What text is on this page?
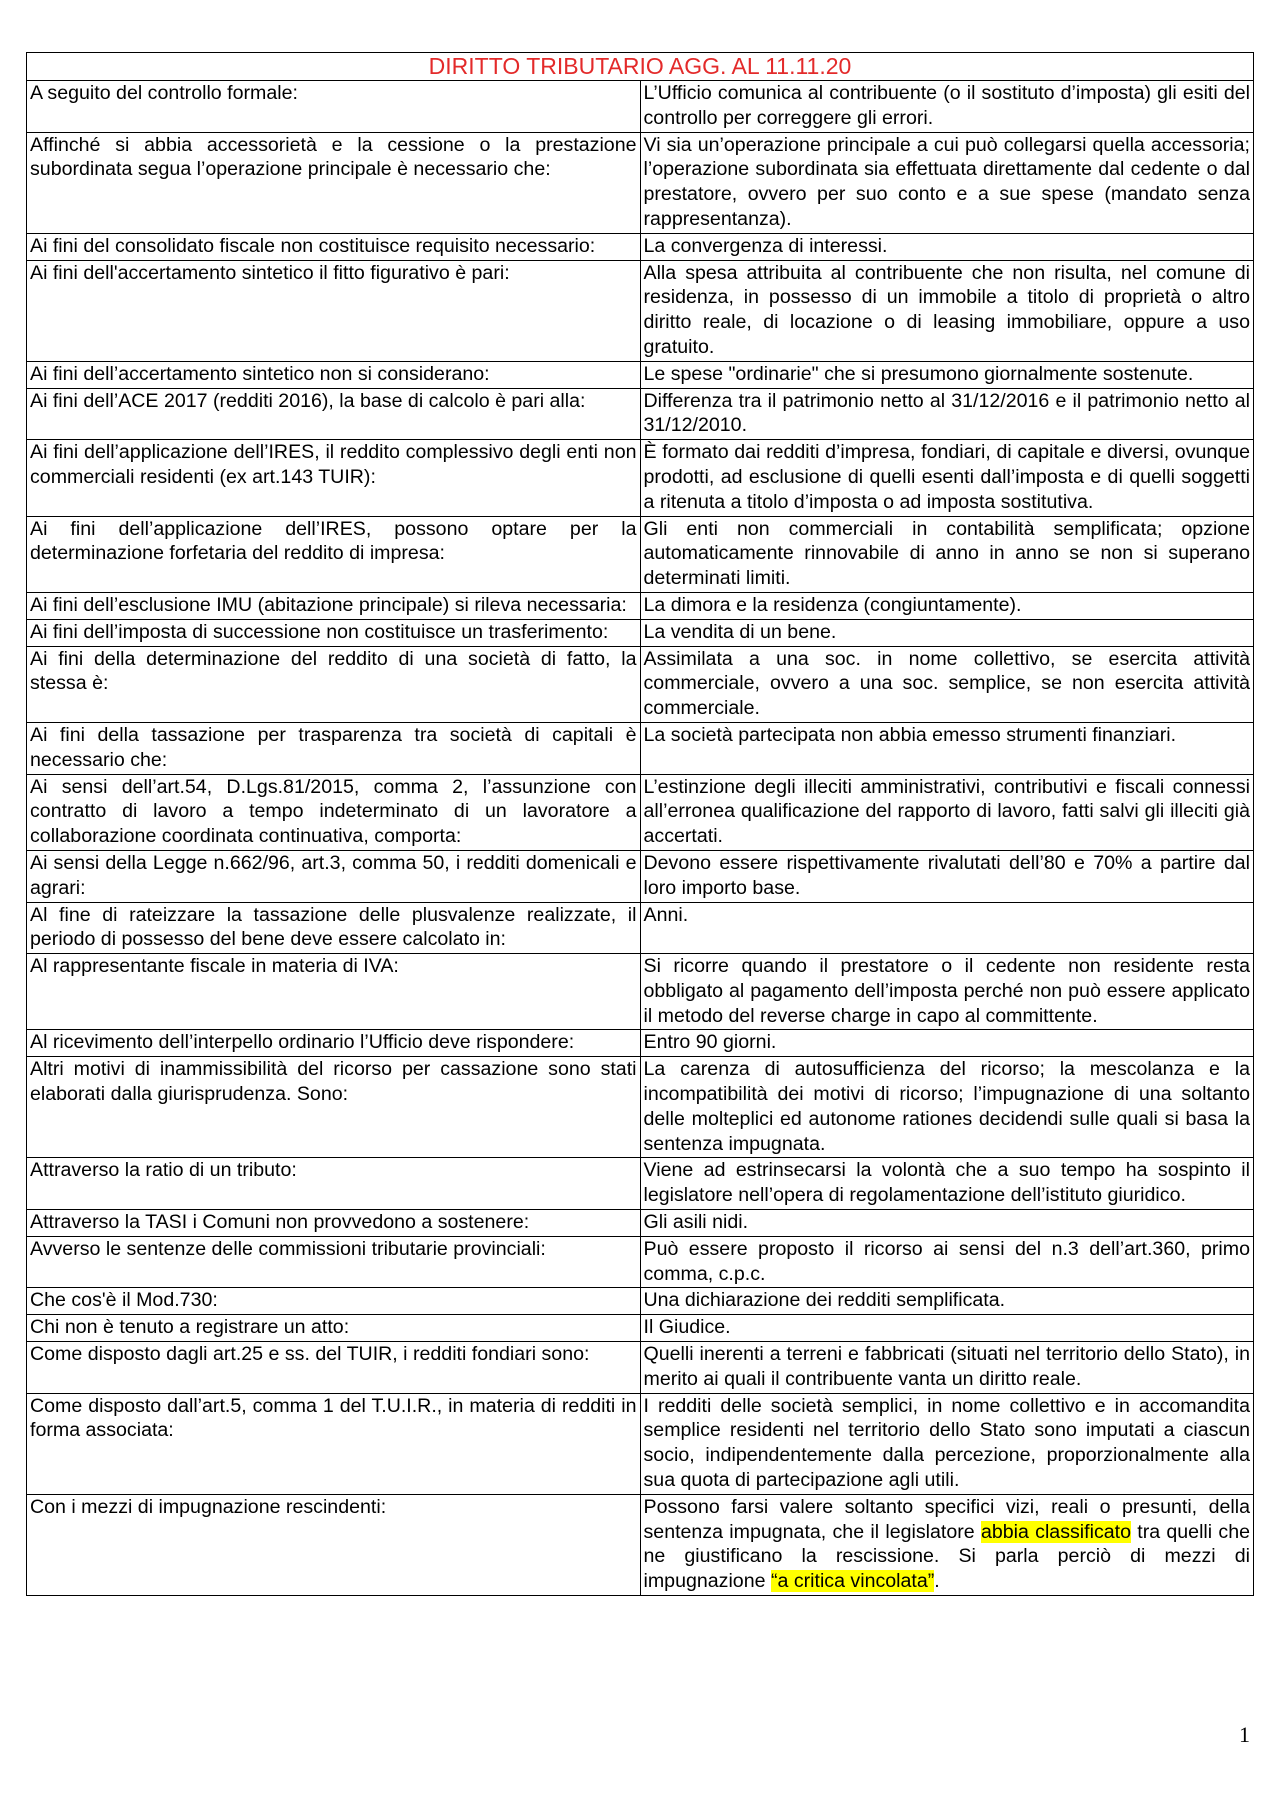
DIRITTO TRIBUTARIO AGG. AL 11.11.20	
A seguito del controllo formale:	L’Ufficio comunica al contribuente (o il sostituto d’imposta) gli esiti del controllo per correggere gli errori.
Affinché si abbia accessorietà e la cessione o la prestazione subordinata segua l’operazione principale è necessario che:	Vi sia un’operazione principale a cui può collegarsi quella accessoria; l’operazione subordinata sia effettuata direttamente dal cedente o dal prestatore, ovvero per suo conto e a sue spese (mandato senza rappresentanza).
Ai fini del consolidato fiscale non costituisce requisito necessario:	La convergenza di interessi.
Ai fini dell'accertamento sintetico il fitto figurativo è pari:	Alla spesa attribuita al contribuente che non risulta, nel comune di residenza, in possesso di un immobile a titolo di proprietà o altro diritto reale, di locazione o di leasing immobiliare, oppure a uso gratuito.
Ai fini dell’accertamento sintetico non si considerano:	Le spese "ordinarie" che si presumono giornalmente sostenute.
Ai fini dell’ACE 2017 (redditi 2016), la base di calcolo è pari alla:	Differenza tra il patrimonio netto al 31/12/2016 e il patrimonio netto al 31/12/2010.
Ai fini dell’applicazione dell’IRES, il reddito complessivo degli enti non commerciali residenti (ex art.143 TUIR):	È formato dai redditi d’impresa, fondiari, di capitale e diversi, ovunque prodotti, ad esclusione di quelli esenti dall’imposta e di quelli soggetti a ritenuta a titolo d’imposta o ad imposta sostitutiva.
Ai fini dell’applicazione dell’IRES, possono optare per la determinazione forfetaria del reddito di impresa:	Gli enti non commerciali in contabilità semplificata; opzione automaticamente rinnovabile di anno in anno se non si superano determinati limiti.
Ai fini dell’esclusione IMU (abitazione principale) si rileva necessaria:	La dimora e la residenza (congiuntamente).
Ai fini dell’imposta di successione non costituisce un trasferimento:	La vendita di un bene.
Ai fini della determinazione del reddito di una società di fatto, la stessa è:	Assimilata a una soc. in nome collettivo, se esercita attività commerciale, ovvero a una soc. semplice, se non esercita attività commerciale.
Ai fini della tassazione per trasparenza tra società di capitali è necessario che:	La società partecipata non abbia emesso strumenti finanziari.
Ai sensi dell’art.54, D.Lgs.81/2015, comma 2, l’assunzione con contratto di lavoro a tempo indeterminato di un lavoratore a collaborazione coordinata continuativa, comporta:	L’estinzione degli illeciti amministrativi, contributivi e fiscali connessi all’erronea qualificazione del rapporto di lavoro, fatti salvi gli illeciti già accertati.
Ai sensi della Legge n.662/96, art.3, comma 50, i redditi domenicali e agrari:	Devono essere rispettivamente rivalutati dell’80 e 70% a partire dal loro importo base.
Al fine di rateizzare la tassazione delle plusvalenze realizzate, il periodo di possesso del bene deve essere calcolato in:	Anni.
Al rappresentante fiscale in materia di IVA:	Si ricorre quando il prestatore o il cedente non residente resta obbligato al pagamento dell’imposta perché non può essere applicato il metodo del reverse charge in capo al committente.
Al ricevimento dell’interpello ordinario l’Ufficio deve rispondere:	Entro 90 giorni.
Altri motivi di inammissibilità del ricorso per cassazione sono stati elaborati dalla giurisprudenza. Sono:	La carenza di autosufficienza del ricorso; la mescolanza e la incompatibilità dei motivi di ricorso; l’impugnazione di una soltanto delle molteplici ed autonome rationes decidendi sulle quali si basa la sentenza impugnata.
Attraverso la ratio di un tributo:	Viene ad estrinsecarsi la volontà che a suo tempo ha sospinto il legislatore nell’opera di regolamentazione dell’istituto giuridico.
Attraverso la TASI i Comuni non provvedono a sostenere:	Gli asili nidi.
Avverso le sentenze delle commissioni tributarie provinciali:	Può essere proposto il ricorso ai sensi del n.3 dell’art.360, primo comma, c.p.c.
Che cos'è il Mod.730:	Una dichiarazione dei redditi semplificata.
Chi non è tenuto a registrare un atto:	Il Giudice.
Come disposto dagli art.25 e ss. del TUIR, i redditi fondiari sono:	Quelli inerenti a terreni e fabbricati (situati nel territorio dello Stato), in merito ai quali il contribuente vanta un diritto reale.
Come disposto dall’art.5, comma 1 del T.U.I.R., in materia di redditi in forma associata:	I redditi delle società semplici, in nome collettivo e in accomandita semplice residenti nel territorio dello Stato sono imputati a ciascun socio, indipendentemente dalla percezione, proporzionalmente alla sua quota di partecipazione agli utili.
Con i mezzi di impugnazione rescindenti:	Possono farsi valere soltanto specifici vizi, reali o presunti, della sentenza impugnata, che il legislatore abbia classificato tra quelli che ne giustificano la rescissione. Si parla perciò di mezzi di impugnazione “a critica vincolata”.
1
